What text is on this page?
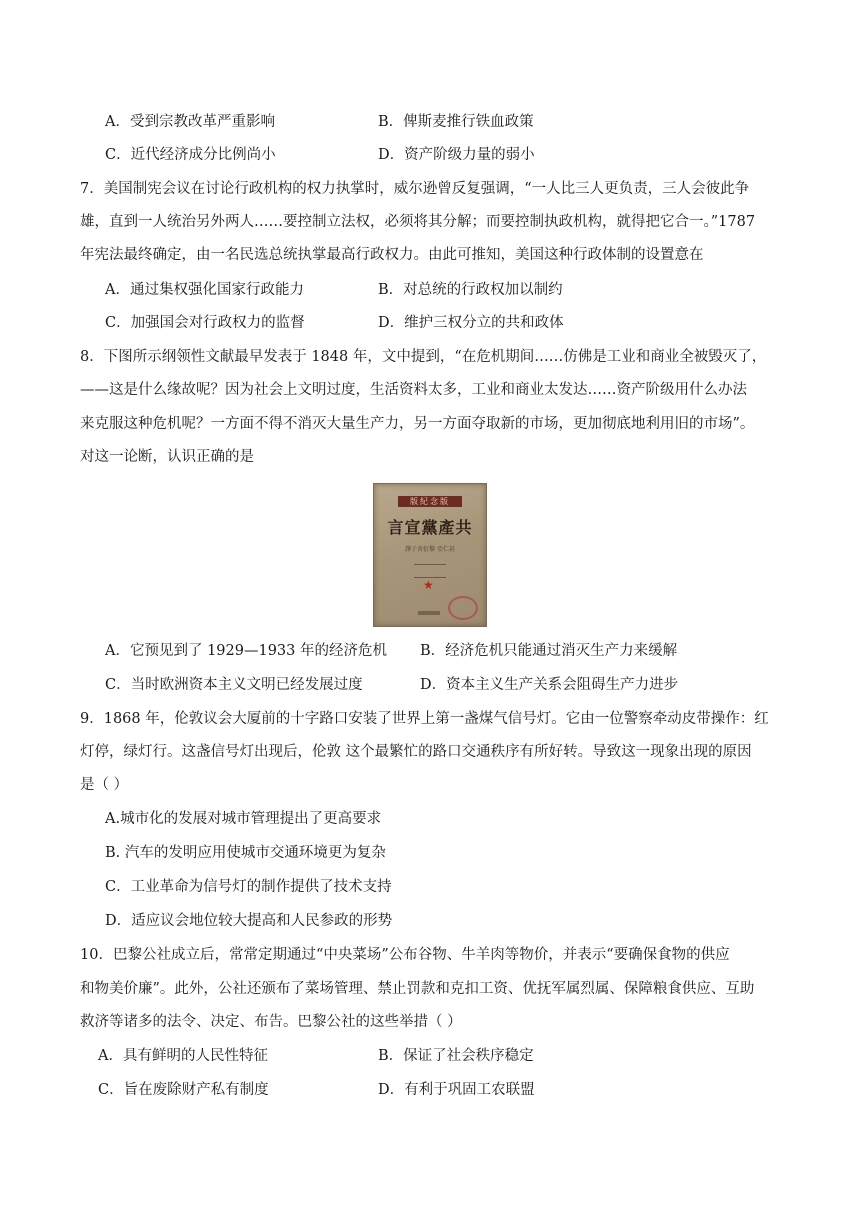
A．受到宗教改革严重影响	B．俾斯麦推行铁血政策
C．近代经济成分比例尚小	D．资产阶级力量的弱小
7．美国制宪会议在讨论行政机构的权力执掌时，威尔逊曾反复强调，“一人比三人更负责，三人会彼此争
雄，直到一人统治另外两人……要控制立法权，必须将其分解；而要控制执政机构，就得把它合一。”1787
年宪法最终确定，由一名民选总统执掌最高行政权力。由此可推知，美国这种行政体制的设置意在
A．通过集权强化国家行政能力	B．对总统的行政权加以制约
C．加强国会对行政权力的监督	D．维护三权分立的共和政体
8．下图所示纲领性文献最早发表于 1848 年，文中提到，“在危机期间……仿佛是工业和商业全被毁灭了，
——这是什么缘故呢？因为社会上文明过度，生活资料太多，工业和商业太发达……资产阶级用什么办法
来克服这种危机呢？一方面不得不消灭大量生产力，另一方面夺取新的市场，更加彻底地利用旧的市场”。
对这一论断，认识正确的是
版紀念版
言宣黨產共
譯子舍衍黎 亞仁甚
★
A．它预见到了 1929—1933 年的经济危机 B．经济危机只能通过消灭生产力来缓解
C．当时欧洲资本主义文明已经发展过度	D．资本主义生产关系会阻碍生产力进步
9．1868 年，伦敦议会大厦前的十字路口安装了世界上第一盏煤气信号灯。它由一位警察牵动皮带操作：红
灯停，绿灯行。这盏信号灯出现后，伦敦 这个最繁忙的路口交通秩序有所好转。导致这一现象出现的原因
是（ ）
A.城市化的发展对城市管理提出了更高要求
B. 汽车的发明应用使城市交通环境更为复杂
C．工业革命为信号灯的制作提供了技术支持
D．适应议会地位较大提高和人民参政的形势
10．巴黎公社成立后，常常定期通过“中央菜场”公布谷物、牛羊肉等物价，并表示“要确保食物的供应
和物美价廉”。此外，公社还颁布了菜场管理、禁止罚款和克扣工资、优抚军属烈属、保障粮食供应、互助
救济等诸多的法令、决定、布告。巴黎公社的这些举措（ ）
A．具有鲜明的人民性特征	B．保证了社会秩序稳定
C．旨在废除财产私有制度	D．有利于巩固工农联盟
